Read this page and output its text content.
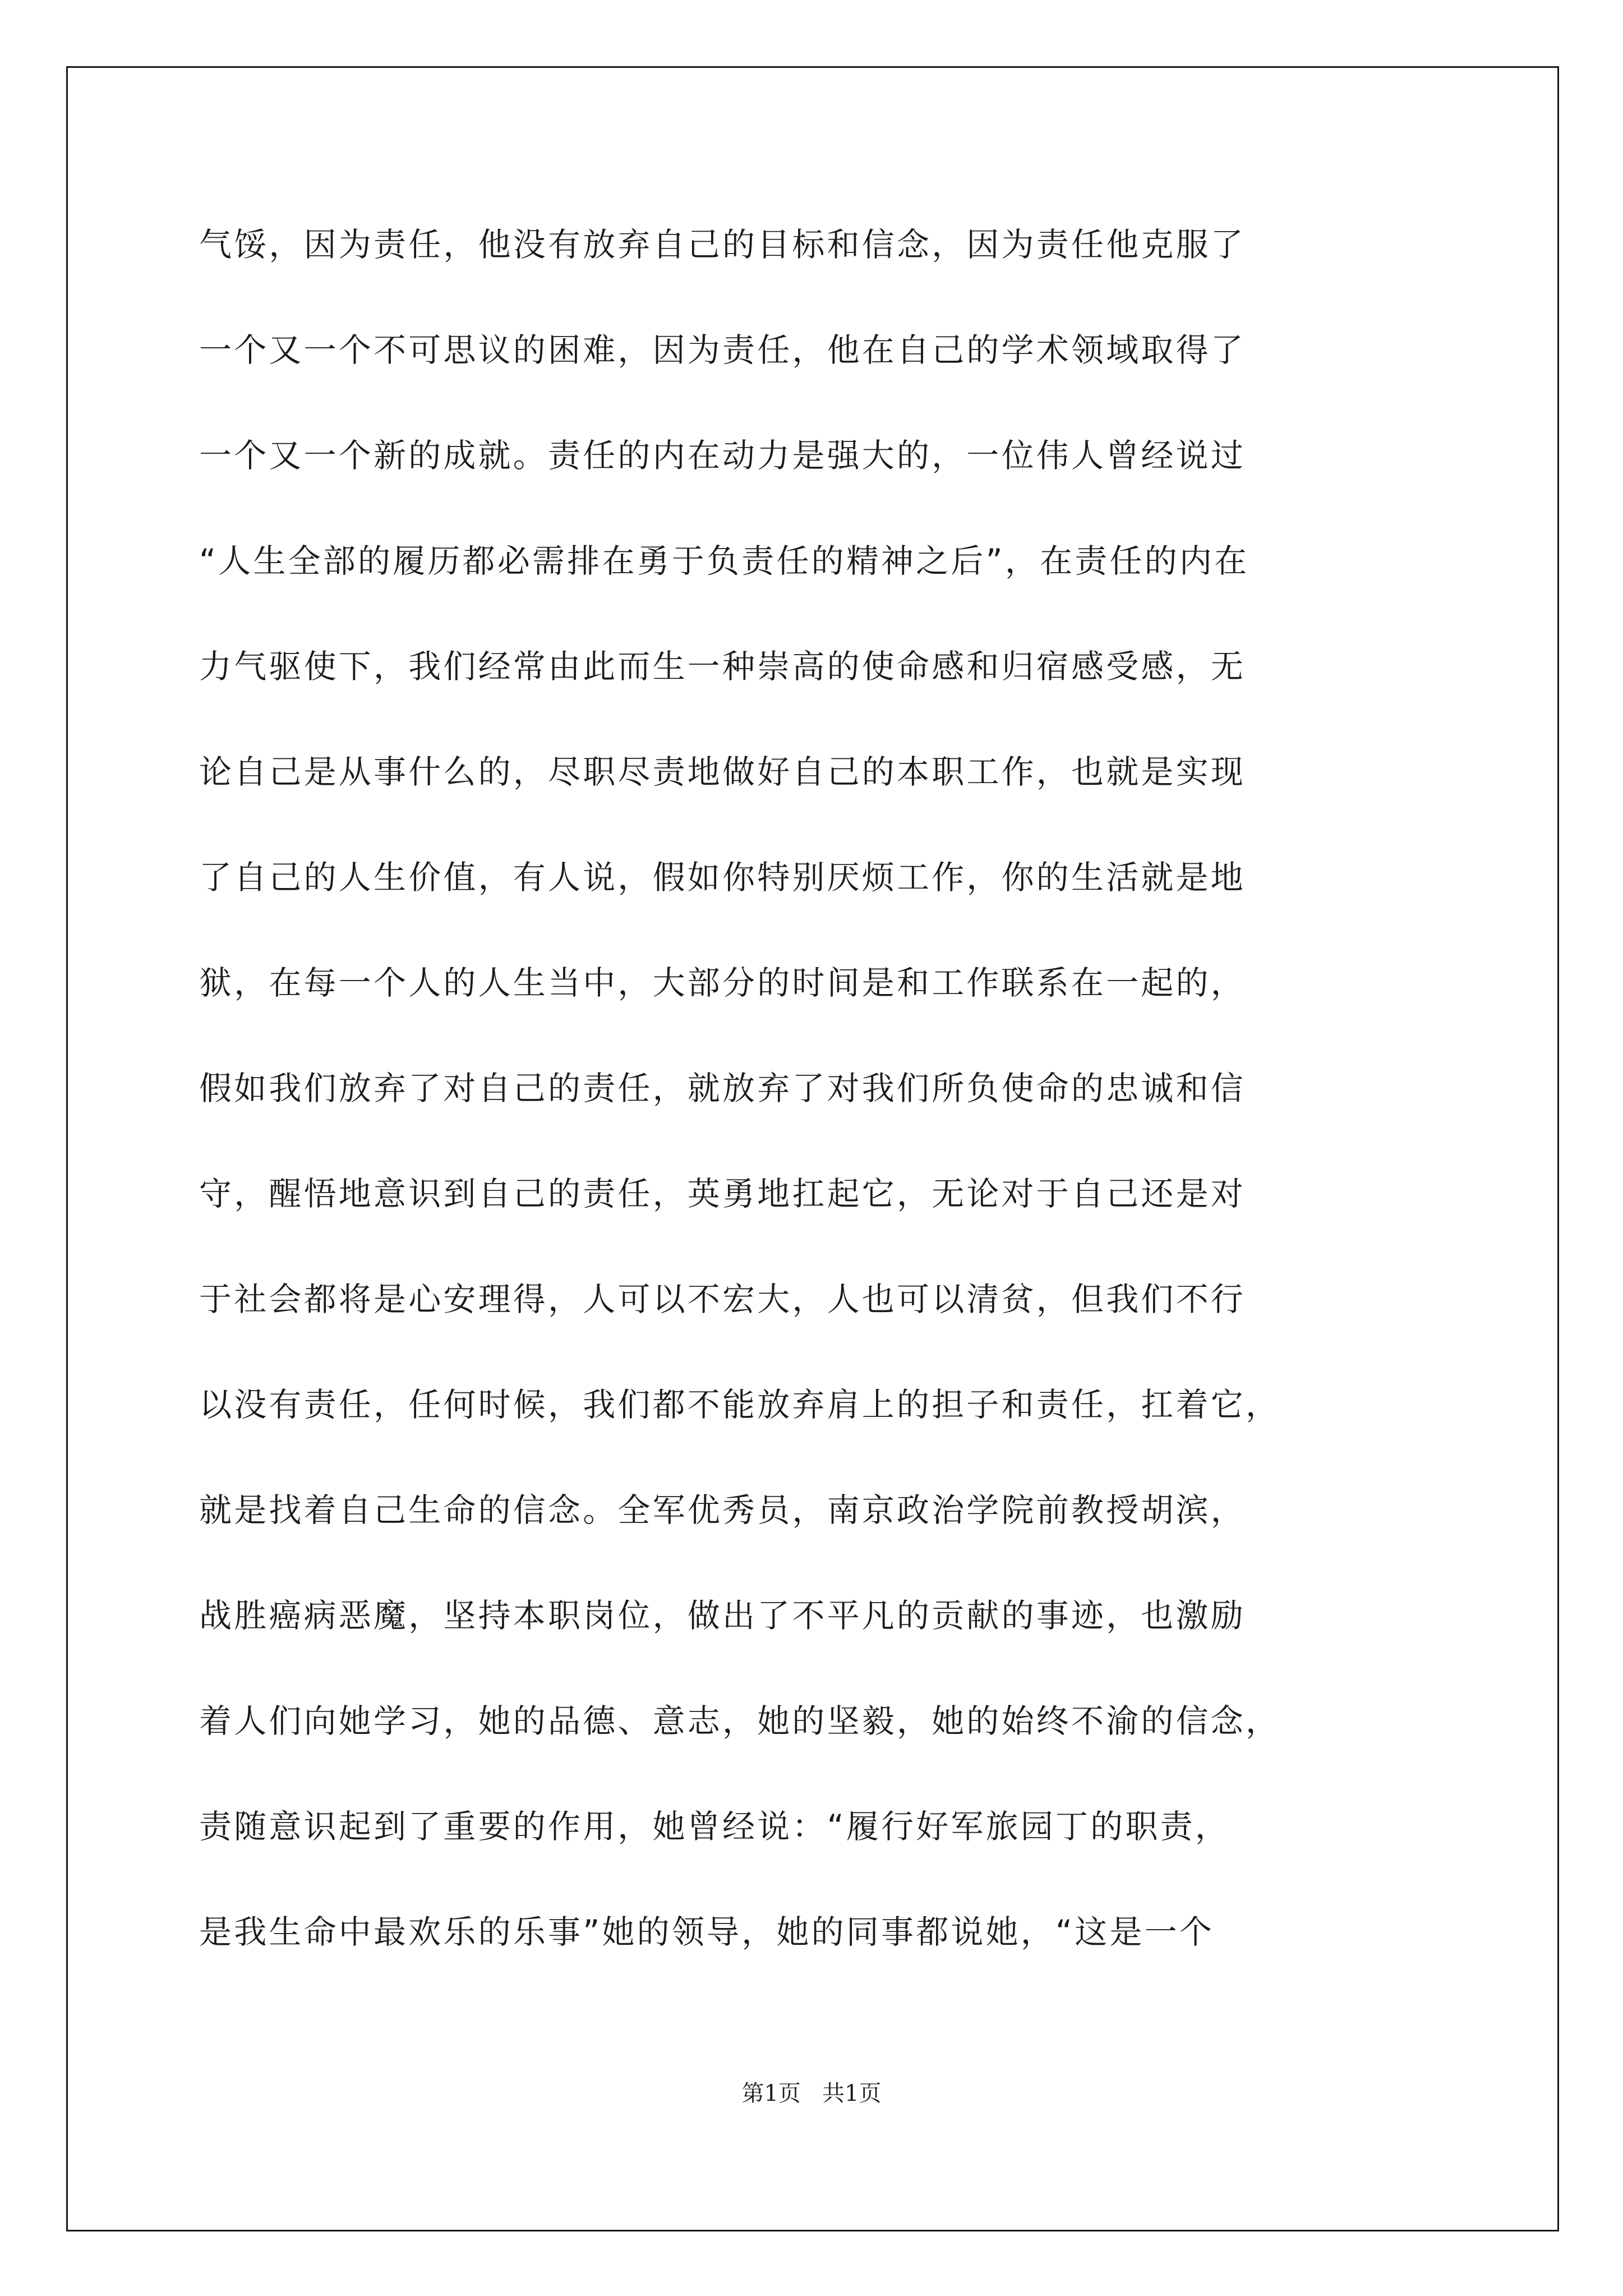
气馁，因为责任，他没有放弃自己的目标和信念，因为责任他克服了
一个又一个不可思议的困难，因为责任，他在自己的学术领域取得了
一个又一个新的成就。责任的内在动力是强大的，一位伟人曾经说过
“人生全部的履历都必需排在勇于负责任的精神之后”，在责任的内在
力气驱使下，我们经常由此而生一种崇高的使命感和归宿感受感，无
论自己是从事什么的，尽职尽责地做好自己的本职工作，也就是实现
了自己的人生价值，有人说，假如你特别厌烦工作，你的生活就是地
狱，在每一个人的人生当中，大部分的时间是和工作联系在一起的，
假如我们放弃了对自己的责任，就放弃了对我们所负使命的忠诚和信
守，醒悟地意识到自己的责任，英勇地扛起它，无论对于自己还是对
于社会都将是心安理得，人可以不宏大，人也可以清贫，但我们不行
以没有责任，任何时候，我们都不能放弃肩上的担子和责任，扛着它，
就是找着自己生命的信念。全军优秀员，南京政治学院前教授胡滨，
战胜癌病恶魔，坚持本职岗位，做出了不平凡的贡献的事迹，也激励
着人们向她学习，她的品德、意志，她的坚毅，她的始终不渝的信念，
责随意识起到了重要的作用，她曾经说：“履行好军旅园丁的职责，
是我生命中最欢乐的乐事”她的领导，她的同事都说她，“这是一个
第1页   共1页
